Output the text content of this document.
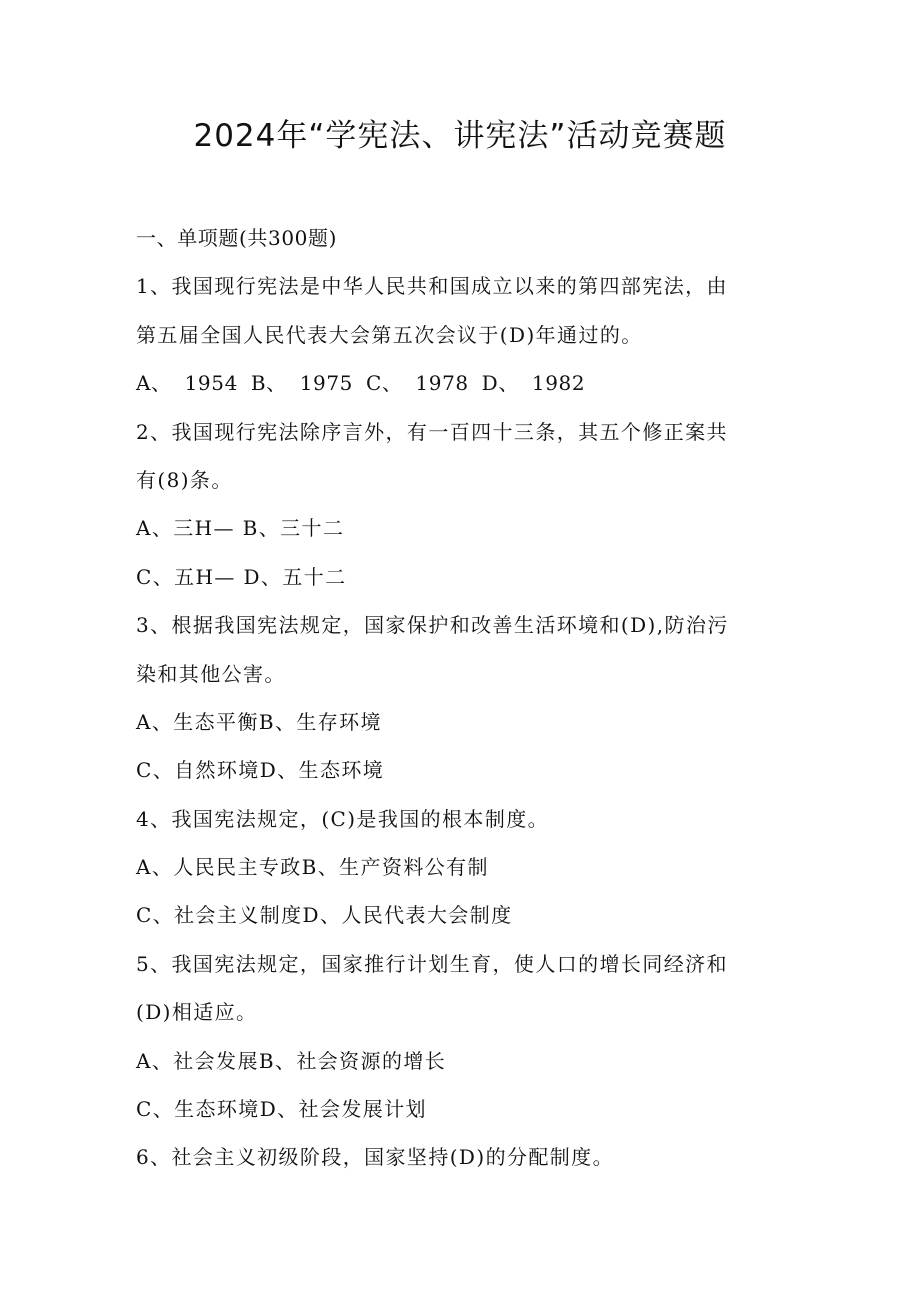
2024年“学宪法、讲宪法”活动竞赛题
一、单项题(共300题)
1、我国现行宪法是中华人民共和国成立以来的第四部宪法，由
第五届全国人民代表大会第五次会议于(D)年通过的。
A、 1954 B、 1975 C、 1978 D、 1982
2、我国现行宪法除序言外，有一百四十三条，其五个修正案共
有(8)条。
A、三H— B、三十二
C、五H— D、五十二
3、根据我国宪法规定，国家保护和改善生活环境和(D),防治污
染和其他公害。
A、生态平衡B、生存环境
C、自然环境D、生态环境
4、我国宪法规定，(C)是我国的根本制度。
A、人民民主专政B、生产资料公有制
C、社会主义制度D、人民代表大会制度
5、我国宪法规定，国家推行计划生育，使人口的增长同经济和
(D)相适应。
A、社会发展B、社会资源的增长
C、生态环境D、社会发展计划
6、社会主义初级阶段，国家坚持(D)的分配制度。
